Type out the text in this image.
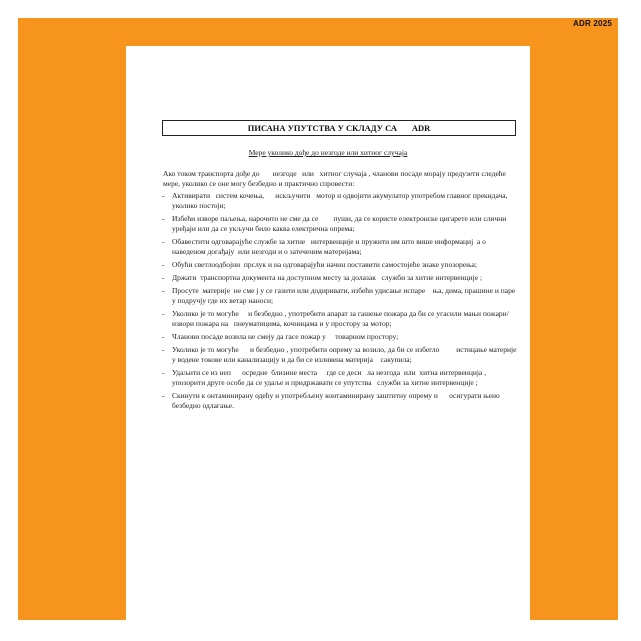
ADR 2025
ПИСАНА УПУТСТВА У СКЛАДУ СА       ADR
Мере уколико дође до незгоде или хитног случаја
Ако током транспорта дође до       незгоде   или   хитног случаја , чланови посаде морају предузети следеће мере, уколико се оне могу безбедно и практично спровести:
-	Активирати   систем кочења,      искључити   мотор и одвојити акумулатор употребом главног прекидача, уколико постоји;
-	Избећи изворе паљења, нарочито не сме да се        пуши, да се користе електронске цигарете или слични уређаји или да се укључи било каква електрична опрема;
-	Обавестити одговарајуће службе за хитне   интервенције и пружити им што више информациј  а о наведеном догађају  или незгоди и о затеченим материјама;
-	Обући светлоодбојни  прслук и на одговарајући начин поставити самостојеће знаке упозорења;
-	Држати  транспортна документа на доступном месту за долазак   служби за хитне интервенције ;
-	Просуте  материје  не сме ј у се газити или додиривати, избећи удисање испаре    ња, дима, прашине и паре у подручју где их ветар наноси;
-	Уколико је то могуће     и безбедно , употребити апарат за гашење пожара да би се угасили мањи пожари/извори пожара на   пнеуматицима, кочницама и у простору за мотор;
-	Чланови посаде возила не смеју да гасе пожар у     товарном простору;
-	Уколико је то могуће      и безбедно , употребити опрему за возило, да би се избегло         истицање материје у водене токове или канализацију и да би се изливена материја    сакупила;
-	Удаљити се из неп      осредне  близине места     где се деси   ла незгода  или  хитна интервенција , упозорити друге особе да се удаље и придржавати се упутства   служби за хитне интервенције ;
-	Скинути к онтаминирану одећу и употребљену контаминирану заштитну опрему и      осигурати њено безбедно одлагање.
